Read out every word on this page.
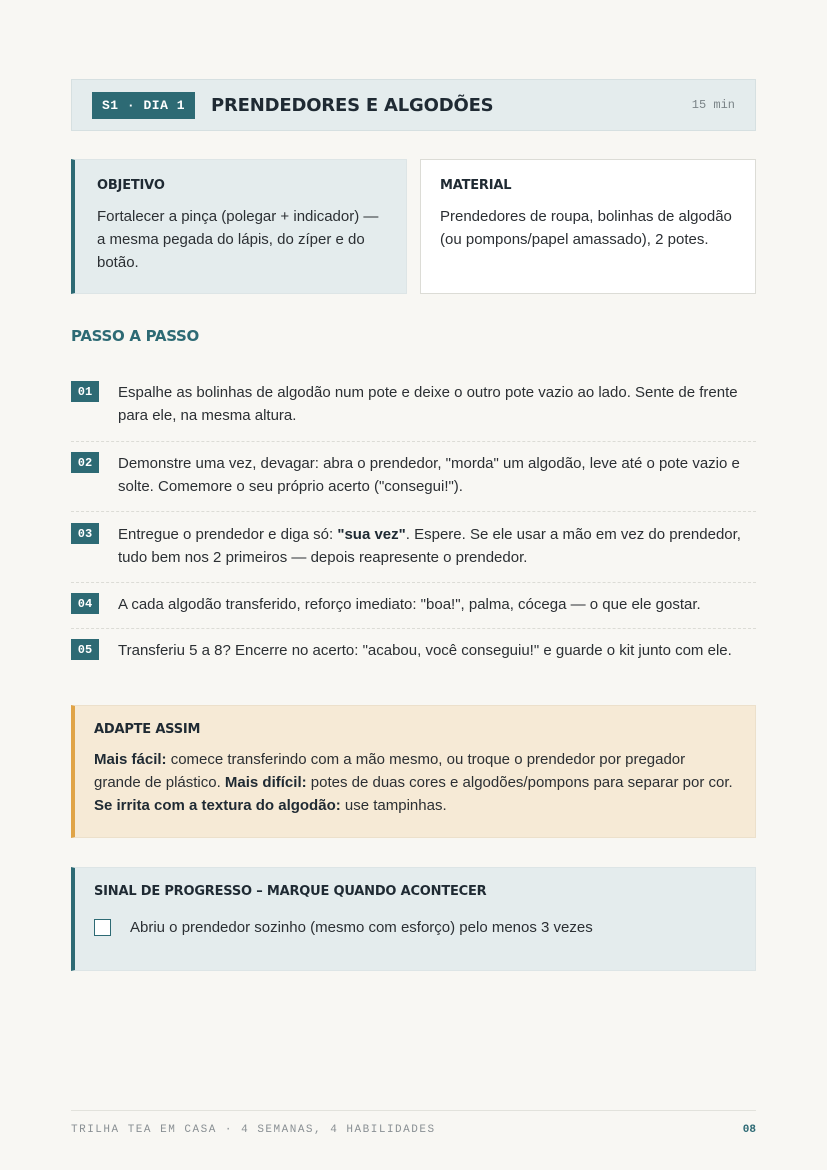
S1 · DIA 1	PRENDEDORES E ALGODÕES	15 min
OBJETIVO
Fortalecer a pinça (polegar + indicador) — a mesma pegada do lápis, do zíper e do botão.
MATERIAL
Prendedores de roupa, bolinhas de algodão (ou pompons/papel amassado), 2 potes.
PASSO A PASSO
01	Espalhe as bolinhas de algodão num pote e deixe o outro pote vazio ao lado. Sente de frente para ele, na mesma altura.
02	Demonstre uma vez, devagar: abra o prendedor, "morda" um algodão, leve até o pote vazio e solte. Comemore o seu próprio acerto ("consegui!").
03	Entregue o prendedor e diga só: "sua vez". Espere. Se ele usar a mão em vez do prendedor, tudo bem nos 2 primeiros — depois reapresente o prendedor.
04	A cada algodão transferido, reforço imediato: "boa!", palma, cócega — o que ele gostar.
05	Transferiu 5 a 8? Encerre no acerto: "acabou, você conseguiu!" e guarde o kit junto com ele.
ADAPTE ASSIM
Mais fácil: comece transferindo com a mão mesmo, ou troque o prendedor por pregador grande de plástico. Mais difícil: potes de duas cores e algodões/pompons para separar por cor. Se irrita com a textura do algodão: use tampinhas.
SINAL DE PROGRESSO – MARQUE QUANDO ACONTECER
Abriu o prendedor sozinho (mesmo com esforço) pelo menos 3 vezes
TRILHA TEA EM CASA · 4 SEMANAS, 4 HABILIDADES	08
